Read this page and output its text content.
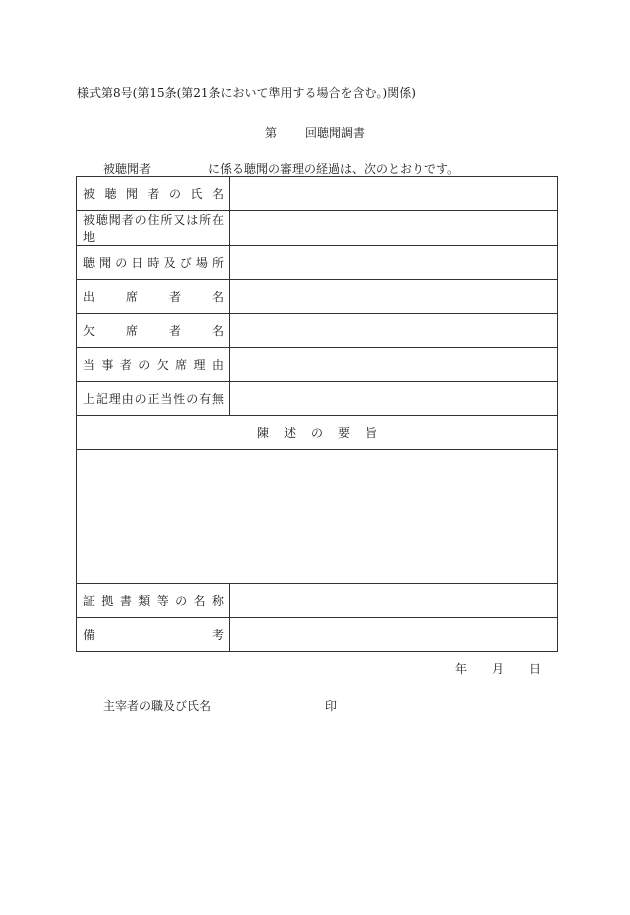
様式第8号(第15条(第21条において準用する場合を含む。)関係)
第 回聴聞調書
被聴聞者	に係る聴聞の審理の経過は、次のとおりです。
被聴聞者の氏名	

被聴聞者の住所又は所在地	

聴聞の日時及び場所	

出席者名	

欠席者名	

当事者の欠席理由	

上記理由の正当性の有無	

陳述の要旨	

証拠書類等の名称	

備考	

年 月 日
主宰者の職及び氏名	印
